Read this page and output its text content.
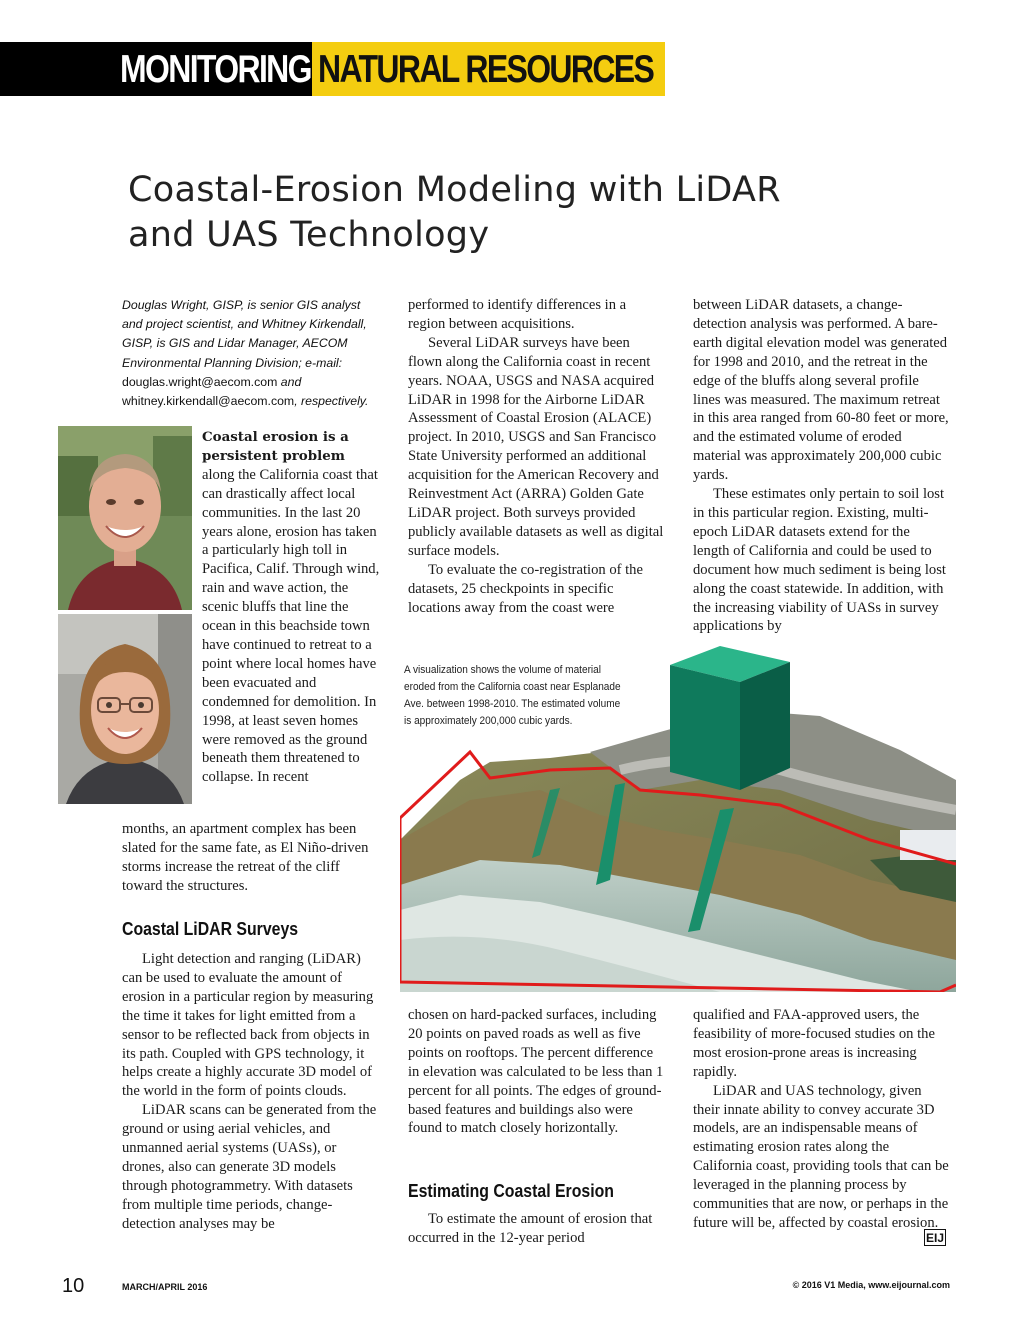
MONITORING NATURAL RESOURCES
Coastal-Erosion Modeling with LiDAR
and UAS Technology
Douglas Wright, GISP, is senior GIS analyst and project scientist, and Whitney Kirkendall, GISP, is GIS and Lidar Manager, AECOM Environmental Planning Division; e-mail: douglas.wright@aecom.com and whitney.kirkendall@aecom.com, respectively.

Coastal erosion is a persistent problem along the California coast that can drastically affect local communities. In the last 20 years alone, erosion has taken a particularly high toll in Pacifica, Calif. Through wind, rain and wave action, the scenic bluffs that line the ocean in this beachside town have continued to retreat to a point where local homes have been evacuated and condemned for demolition. In 1998, at least seven homes were removed as the ground beneath them threatened to collapse. In recent

months, an apartment complex has been slated for the same fate, as El Niño-driven storms increase the retreat of the cliff toward the structures.

Coastal LiDAR Surveys

Light detection and ranging (LiDAR) can be used to evaluate the amount of erosion in a particular region by measuring the time it takes for light emitted from a sensor to be reflected back from objects in its path. Coupled with GPS technology, it helps create a highly accurate 3D model of the world in the form of points clouds.

LiDAR scans can be generated from the ground or using aerial vehicles, and unmanned aerial systems (UASs), or drones, also can generate 3D models through photogrammetry. With datasets from multiple time periods, change-detection analyses may be

performed to identify differences in a region between acquisitions.

Several LiDAR surveys have been flown along the California coast in recent years. NOAA, USGS and NASA acquired LiDAR in 1998 for the Airborne LiDAR Assessment of Coastal Erosion (ALACE) project. In 2010, USGS and San Francisco State University performed an additional acquisition for the American Recovery and Reinvestment Act (ARRA) Golden Gate LiDAR project. Both surveys provided publicly available datasets as well as digital surface models.

To evaluate the co-registration of the datasets, 25 checkpoints in specific locations away from the coast were

between LiDAR datasets, a change-detection analysis was performed. A bare-earth digital elevation model was generated for 1998 and 2010, and the retreat in the edge of the bluffs along several profile lines was measured. The maximum retreat in this area ranged from 60-80 feet or more, and the estimated volume of eroded material was approximately 200,000 cubic yards.

These estimates only pertain to soil lost in this particular region. Existing, multi-epoch LiDAR datasets extend for the length of California and could be used to document how much sediment is being lost along the coast statewide. In addition, with the increasing viability of UASs in survey applications by

A visualization shows the volume of material eroded from the California coast near Esplanade Ave. between 1998-2010. The estimated volume is approximately 200,000 cubic yards.

chosen on hard-packed surfaces, including 20 points on paved roads as well as five points on rooftops. The percent difference in elevation was calculated to be less than 1 percent for all points. The edges of ground-based features and buildings also were found to match closely horizontally.

Estimating Coastal Erosion

To estimate the amount of erosion that occurred in the 12-year period

qualified and FAA-approved users, the feasibility of more-focused studies on the most erosion-prone areas is increasing rapidly.

LiDAR and UAS technology, given their innate ability to convey accurate 3D models, are an indispensable means of estimating erosion rates along the California coast, providing tools that can be leveraged in the planning process by communities that are now, or perhaps in the future will be, affected by coastal erosion.

EIJ
10	MARCH/APRIL 2016	© 2016 V1 Media, www.eijournal.com
